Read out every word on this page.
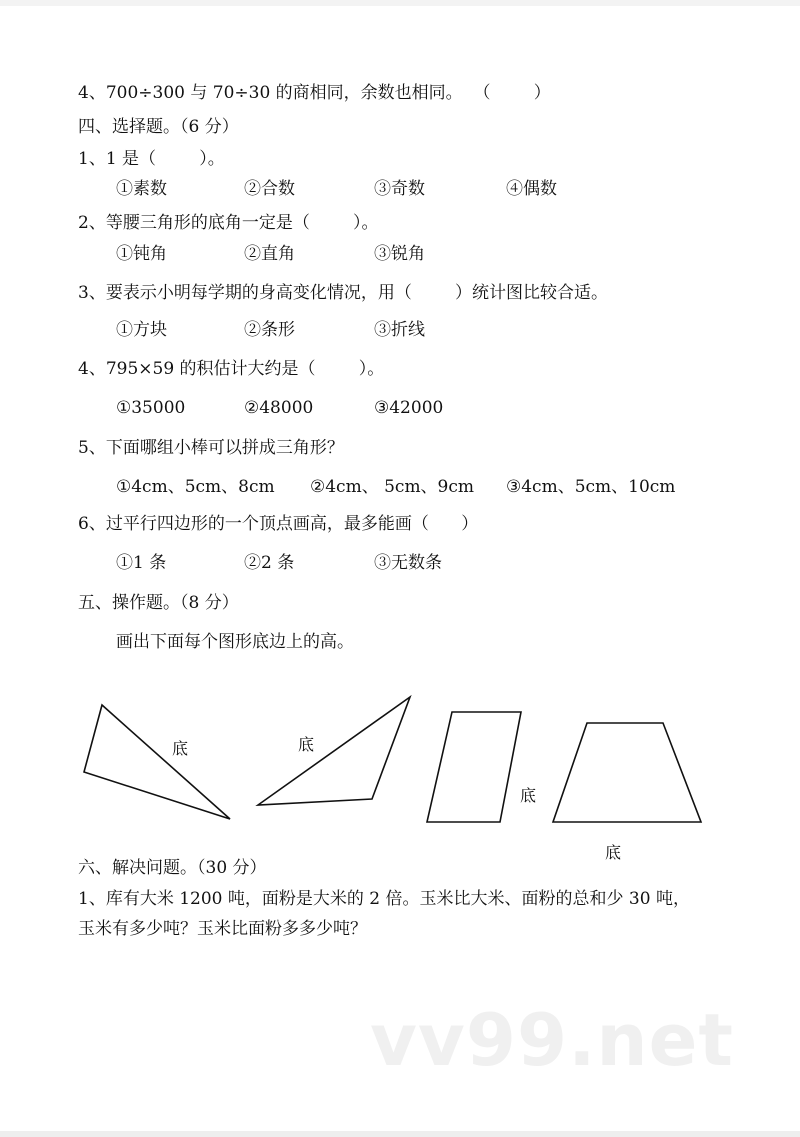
4、700÷300 与 70÷30 的商相同，余数也相同。  （        ）
四、选择题。（6 分）
1、1 是（        ）。
①素数	②合数	③奇数	④偶数
2、等腰三角形的底角一定是（        ）。
①钝角	②直角	③锐角
3、要表示小明每学期的身高变化情况，用（        ）统计图比较合适。
①方块	②条形	③折线
4、795×59 的积估计大约是（        ）。
①35000	②48000	③42000
5、下面哪组小棒可以拼成三角形？
①4cm、5cm、8cm ②4cm、 5cm、9cm ③4cm、5cm、10cm
6、过平行四边形的一个顶点画高，最多能画（      ）
①1 条	②2 条	③无数条
五、操作题。（8 分）
画出下面每个图形底边上的高。
底	底
底
底
六、解决问题。（30 分）
1、库有大米 1200 吨，面粉是大米的 2 倍。玉米比大米、面粉的总和少 30 吨，
玉米有多少吨？玉米比面粉多多少吨？
vv99.net
